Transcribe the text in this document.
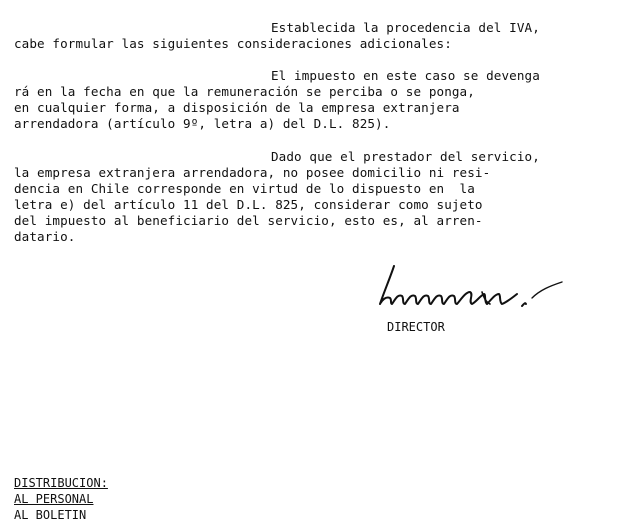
Establecida la procedencia del IVA,
cabe formular las siguientes consideraciones adicionales:
El impuesto en este caso se devenga
rá en la fecha en que la remuneración se perciba o se ponga,
en cualquier forma, a disposición de la empresa extranjera
arrendadora (artículo 9º, letra a) del D.L. 825).
Dado que el prestador del servicio,
la empresa extranjera arrendadora, no posee domicilio ni resi-
dencia en Chile corresponde en virtud de lo dispuesto en  la
letra e) del artículo 11 del D.L. 825, considerar como sujeto
del impuesto al beneficiario del servicio, esto es, al arren-
datario.
DIRECTOR
DISTRIBUCION:
AL PERSONAL
AL BOLETIN
